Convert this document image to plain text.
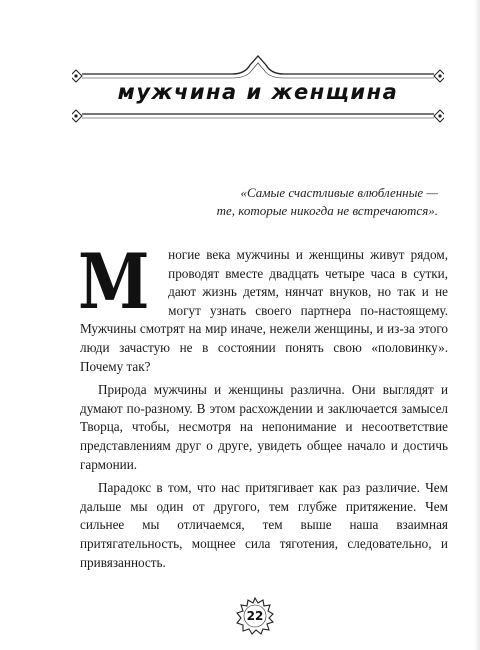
мужчина и женщина
«Самые счастливые влюбленные —
те, которые никогда не встречаются».

М ногие века мужчины и женщины живут рядом, проводят вместе двадцать четыре часа в сутки, дают жизнь детям, нянчат внуков, но так и не могут узнать своего партнера по-настоящему. Мужчины смотрят на мир иначе, нежели женщины, и из-за этого люди зачастую не в состоянии понять свою «половинку». Почему так?

Природа мужчины и женщины различна. Они выглядят и думают по-разному. В этом расхождении и заключается замысел Творца, чтобы, несмотря на непонимание и несоответствие представлениям друг о друге, увидеть общее начало и достичь гармонии.

Парадокс в том, что нас притягивает как раз различие. Чем дальше мы один от другого, тем глубже притяжение. Чем сильнее мы отличаемся, тем выше наша взаимная притягательность, мощнее сила тяготения, следовательно, и привязанность.

22
